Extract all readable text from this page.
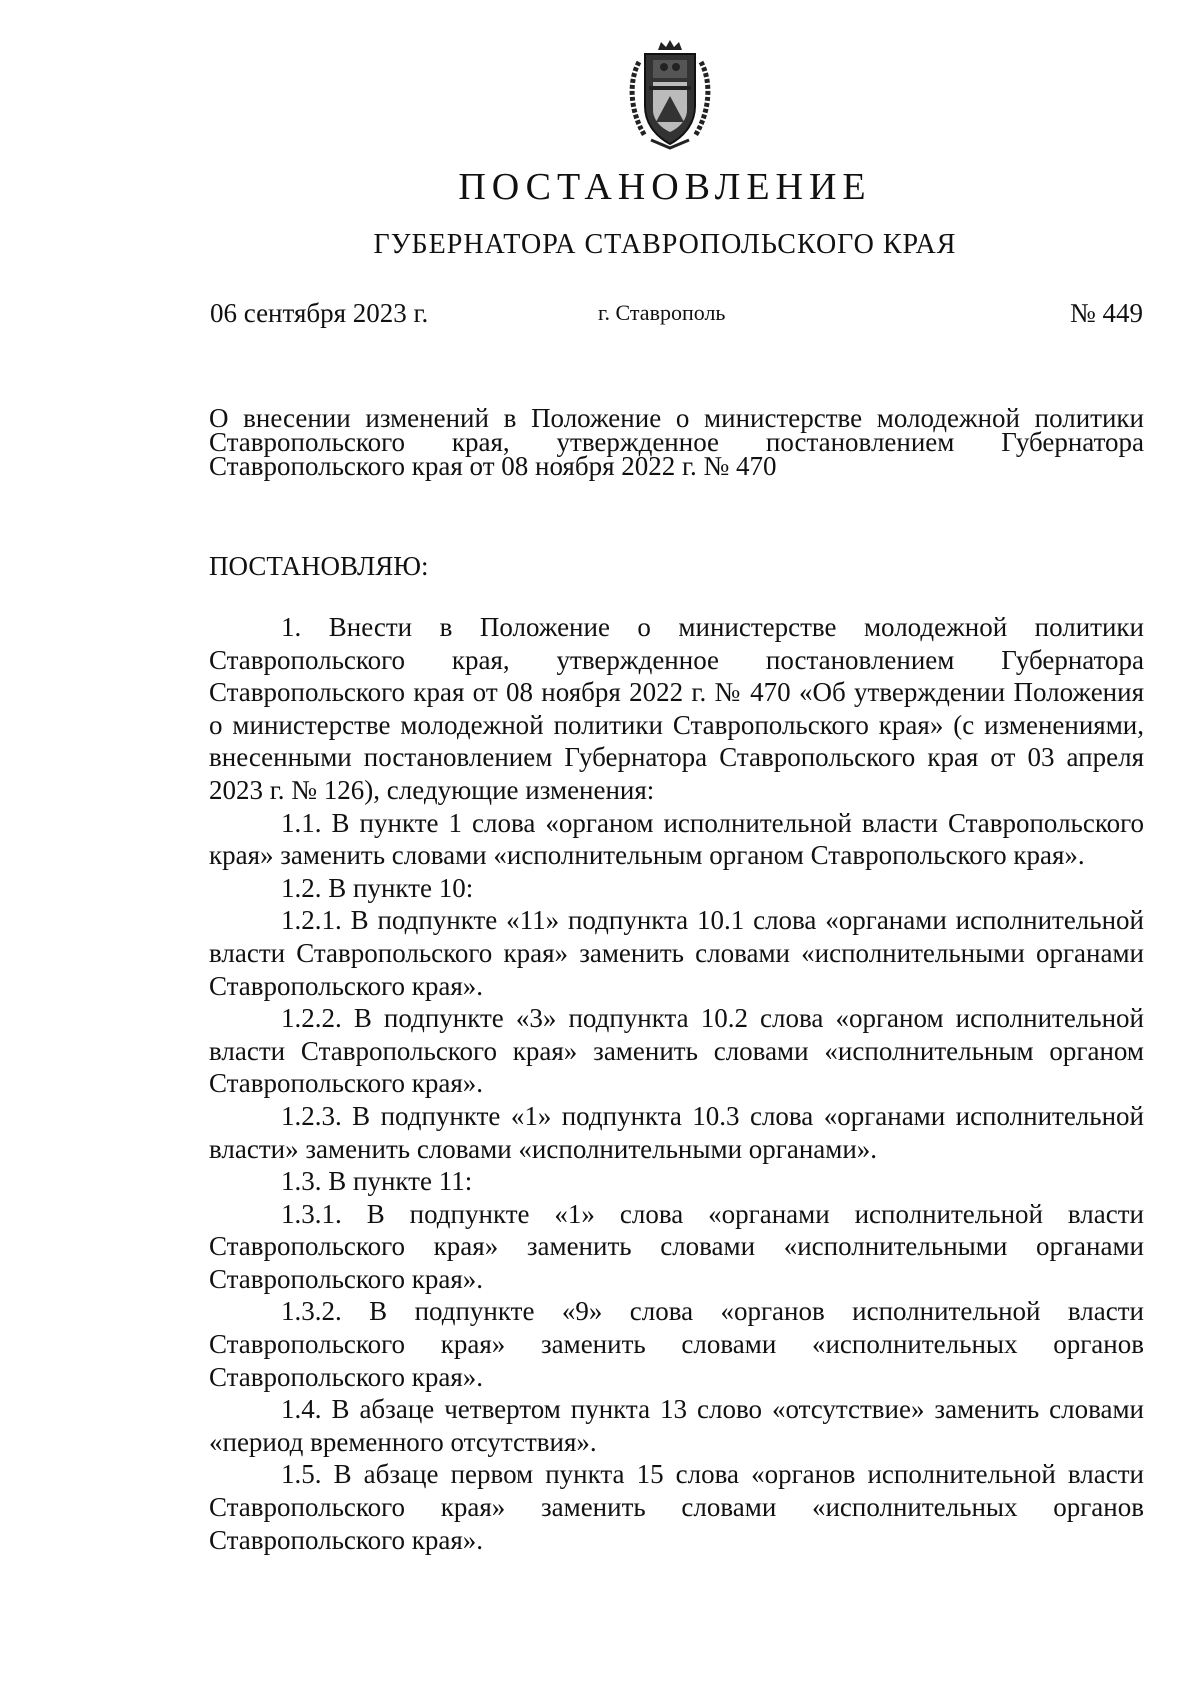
ПОСТАНОВЛЕНИЕ
ГУБЕРНАТОРА СТАВРОПОЛЬСКОГО КРАЯ
06 сентября 2023 г.	г. Ставрополь	№ 449
О внесении изменений в Положение о министерстве молодежной политики Ставропольского края, утвержденное постановлением Губернатора Ставропольского края от 08 ноября 2022 г. № 470
ПОСТАНОВЛЯЮ:

1. Внести в Положение о министерстве молодежной политики Ставропольского края, утвержденное постановлением Губернатора Ставропольского края от 08 ноября 2022 г. № 470 «Об утверждении Положения о министерстве молодежной политики Ставропольского края» (с изменениями, внесенными постановлением Губернатора Ставропольского края от 03 апреля 2023 г. № 126), следующие изменения:

1.1. В пункте 1 слова «органом исполнительной власти Ставропольского края» заменить словами «исполнительным органом Ставропольского края».

1.2. В пункте 10:

1.2.1. В подпункте «11» подпункта 10.1 слова «органами исполнительной власти Ставропольского края» заменить словами «исполнительными органами Ставропольского края».

1.2.2. В подпункте «3» подпункта 10.2 слова «органом исполнительной власти Ставропольского края» заменить словами «исполнительным органом Ставропольского края».

1.2.3. В подпункте «1» подпункта 10.3 слова «органами исполнительной власти» заменить словами «исполнительными органами».

1.3. В пункте 11:

1.3.1. В подпункте «1» слова «органами исполнительной власти Ставропольского края» заменить словами «исполнительными органами Ставропольского края».

1.3.2. В подпункте «9» слова «органов исполнительной власти Ставропольского края» заменить словами «исполнительных органов Ставропольского края».

1.4. В абзаце четвертом пункта 13 слово «отсутствие» заменить словами «период временного отсутствия».

1.5. В абзаце первом пункта 15 слова «органов исполнительной власти Ставропольского края» заменить словами «исполнительных органов Ставропольского края».
